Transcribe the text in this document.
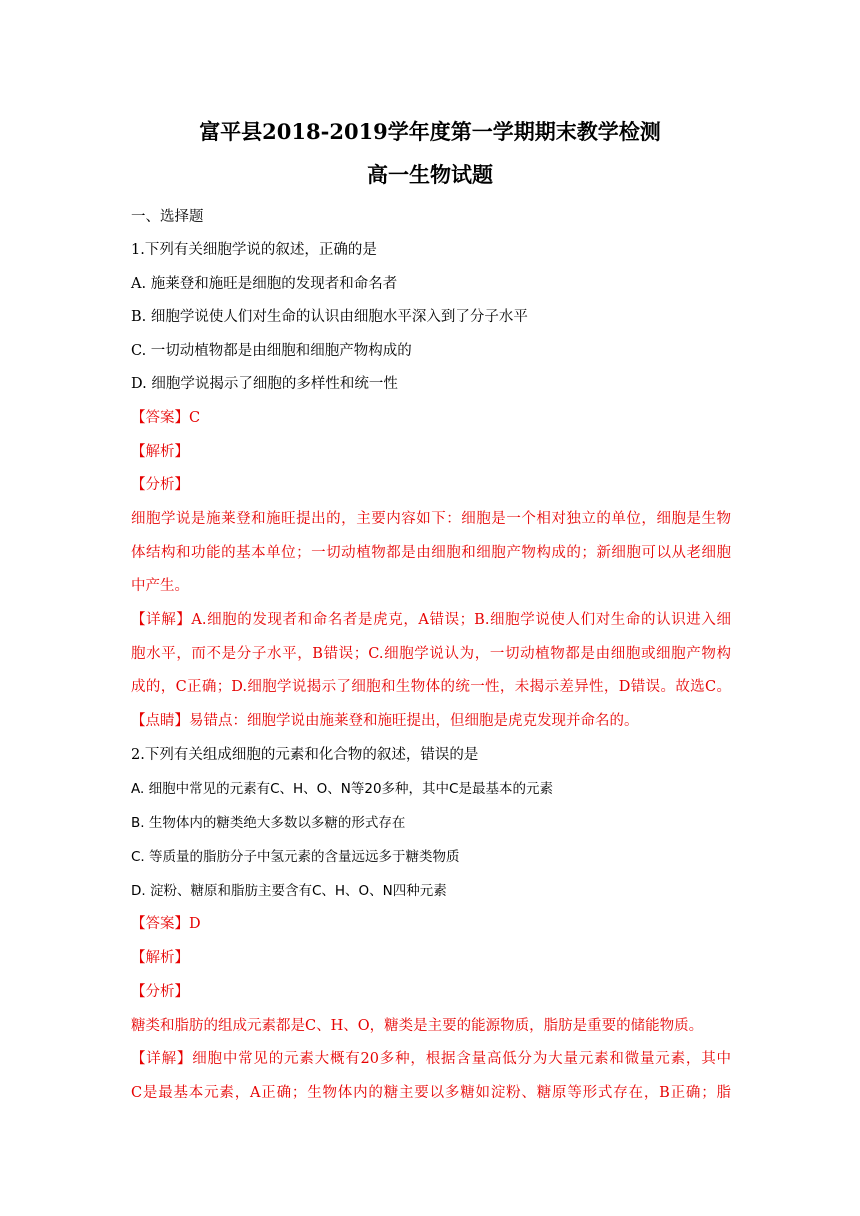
富平县2018-2019学年度第一学期期末教学检测
高一生物试题
一、选择题
1.下列有关细胞学说的叙述，正确的是
A. 施莱登和施旺是细胞的发现者和命名者
B. 细胞学说使人们对生命的认识由细胞水平深入到了分子水平
C. 一切动植物都是由细胞和细胞产物构成的
D. 细胞学说揭示了细胞的多样性和统一性
【答案】C
【解析】
【分析】
细胞学说是施莱登和施旺提出的，主要内容如下：细胞是一个相对独立的单位，细胞是生物
体结构和功能的基本单位；一切动植物都是由细胞和细胞产物构成的；新细胞可以从老细胞
中产生。
【详解】A.细胞的发现者和命名者是虎克，A错误；B.细胞学说使人们对生命的认识进入细
胞水平，而不是分子水平，B错误；C.细胞学说认为，一切动植物都是由细胞或细胞产物构
成的，C正确；D.细胞学说揭示了细胞和生物体的统一性，未揭示差异性，D错误。故选C。
【点睛】易错点：细胞学说由施莱登和施旺提出，但细胞是虎克发现并命名的。
2.下列有关组成细胞的元素和化合物的叙述，错误的是
A. 细胞中常见的元素有C、H、O、N等20多种，其中C是最基本的元素
B. 生物体内的糖类绝大多数以多糖的形式存在
C. 等质量的脂肪分子中氢元素的含量远远多于糖类物质
D. 淀粉、糖原和脂肪主要含有C、H、O、N四种元素
【答案】D
【解析】
【分析】
糖类和脂肪的组成元素都是C、H、O，糖类是主要的能源物质，脂肪是重要的储能物质。
【详解】细胞中常见的元素大概有20多种，根据含量高低分为大量元素和微量元素，其中
C是最基本元素，A正确；生物体内的糖主要以多糖如淀粉、糖原等形式存在，B正确；脂
